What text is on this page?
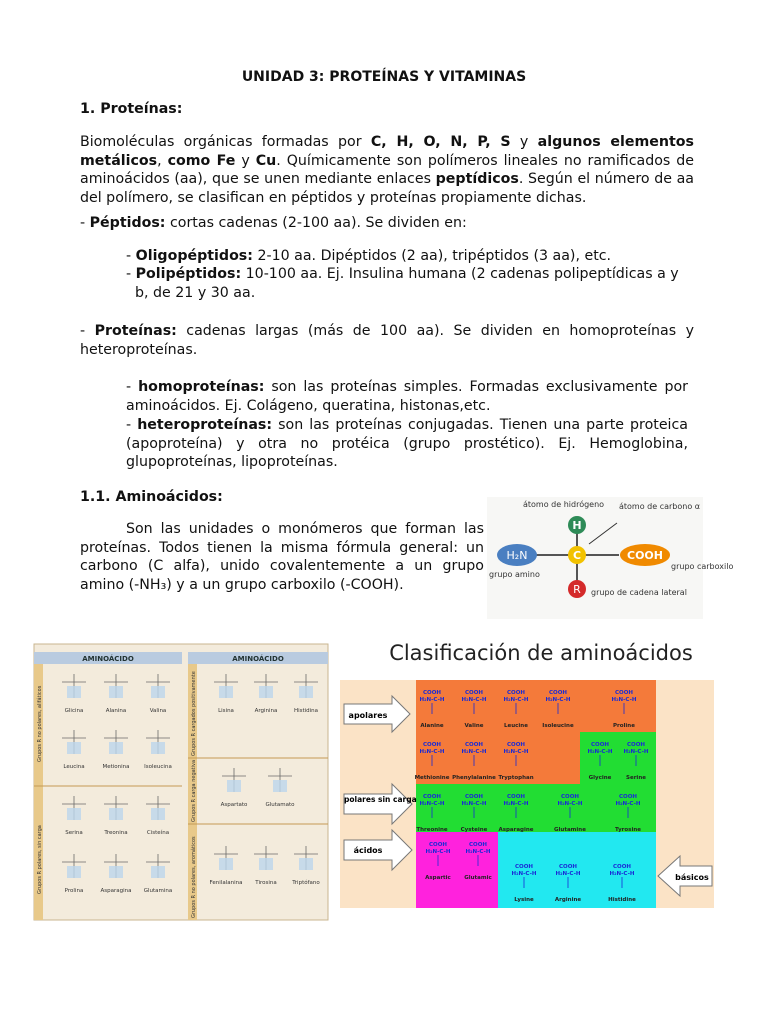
UNIDAD 3: PROTEÍNAS Y VITAMINAS
1. Proteínas:
Biomoléculas orgánicas formadas por C, H, O, N, P, S y algunos elementos metálicos, como Fe y Cu. Químicamente son polímeros lineales no ramificados de aminoácidos (aa), que se unen mediante enlaces peptídicos. Según el número de aa del polímero, se clasifican en péptidos y proteínas propiamente dichas.
- Péptidos: cortas cadenas (2-100 aa). Se dividen en:
- Oligopéptidos: 2-10 aa. Dipéptidos (2 aa), tripéptidos (3 aa), etc.
- Polipéptidos: 10-100 aa. Ej. Insulina humana (2 cadenas polipeptídicas a y
b, de 21 y 30 aa.
- Proteínas: cadenas largas (más de 100 aa). Se dividen en homoproteínas y heteroproteínas.
- homoproteínas: son las proteínas simples. Formadas exclusivamente por aminoácidos. Ej. Colágeno, queratina, histonas,etc.
- heteroproteínas: son las proteínas conjugadas. Tienen una parte proteica (apoproteína) y otra no protéica (grupo prostético). Ej. Hemoglobina, glupoproteínas, lipoproteínas.
1.1. Aminoácidos:
Son las unidades o monómeros que forman las proteínas. Todos tienen la misma fórmula general: un carbono (C alfa), unido covalentemente a un grupo amino (-NH₃) y a un grupo carboxilo (-COOH).
átomo de hidrógeno átomo de carbono α
H
C
H₂N	COOH
R
grupo amino
grupo carboxilo
grupo de cadena lateral
AMINOÁCIDO	AMINOÁCIDO
Grupos R no polares, alifáticos
Grupos R polares, sin carga
Grupos R cargados positivamente
Grupos R carga negativa
Grupos R no polares, aromáticos
Glicina	Alanina	Valina
Leucina	Metionina	Isoleucina
Serina	Treonina	Cisteína
Prolina	Asparagina Glutamina
Lisina	Arginina	Histidina
Aspartato	Glutamato
Fenilalanina Tirosina	Triptófano
Clasificación de aminoácidos
COOH
H₂N-C-H
Alanine
COOH
H₂N-C-H
Valine
COOH
H₂N-C-H
Leucine
COOH
H₂N-C-H
Isoleucine
COOH
H₂N-C-H
Proline
COOH
H₂N-C-H
Methionine
COOH
H₂N-C-H
Phenylalanine
COOH
H₂N-C-H
Tryptophan
COOH
H₂N-C-H
Glycine
COOH
H₂N-C-H
Serine
COOH
H₂N-C-H
Threonine
COOH
H₂N-C-H
Cysteine
COOH
H₂N-C-H
Asparagine
COOH
H₂N-C-H
Glutamine
COOH
H₂N-C-H
Tyrosine
COOH
H₂N-C-H
Aspartic
COOH
H₂N-C-H
Glutamic
COOH
H₂N-C-H
Lysine
COOH
H₂N-C-H
Arginine
COOH
H₂N-C-H
Histidine
apolares
polares sin carga
ácidos
básicos
